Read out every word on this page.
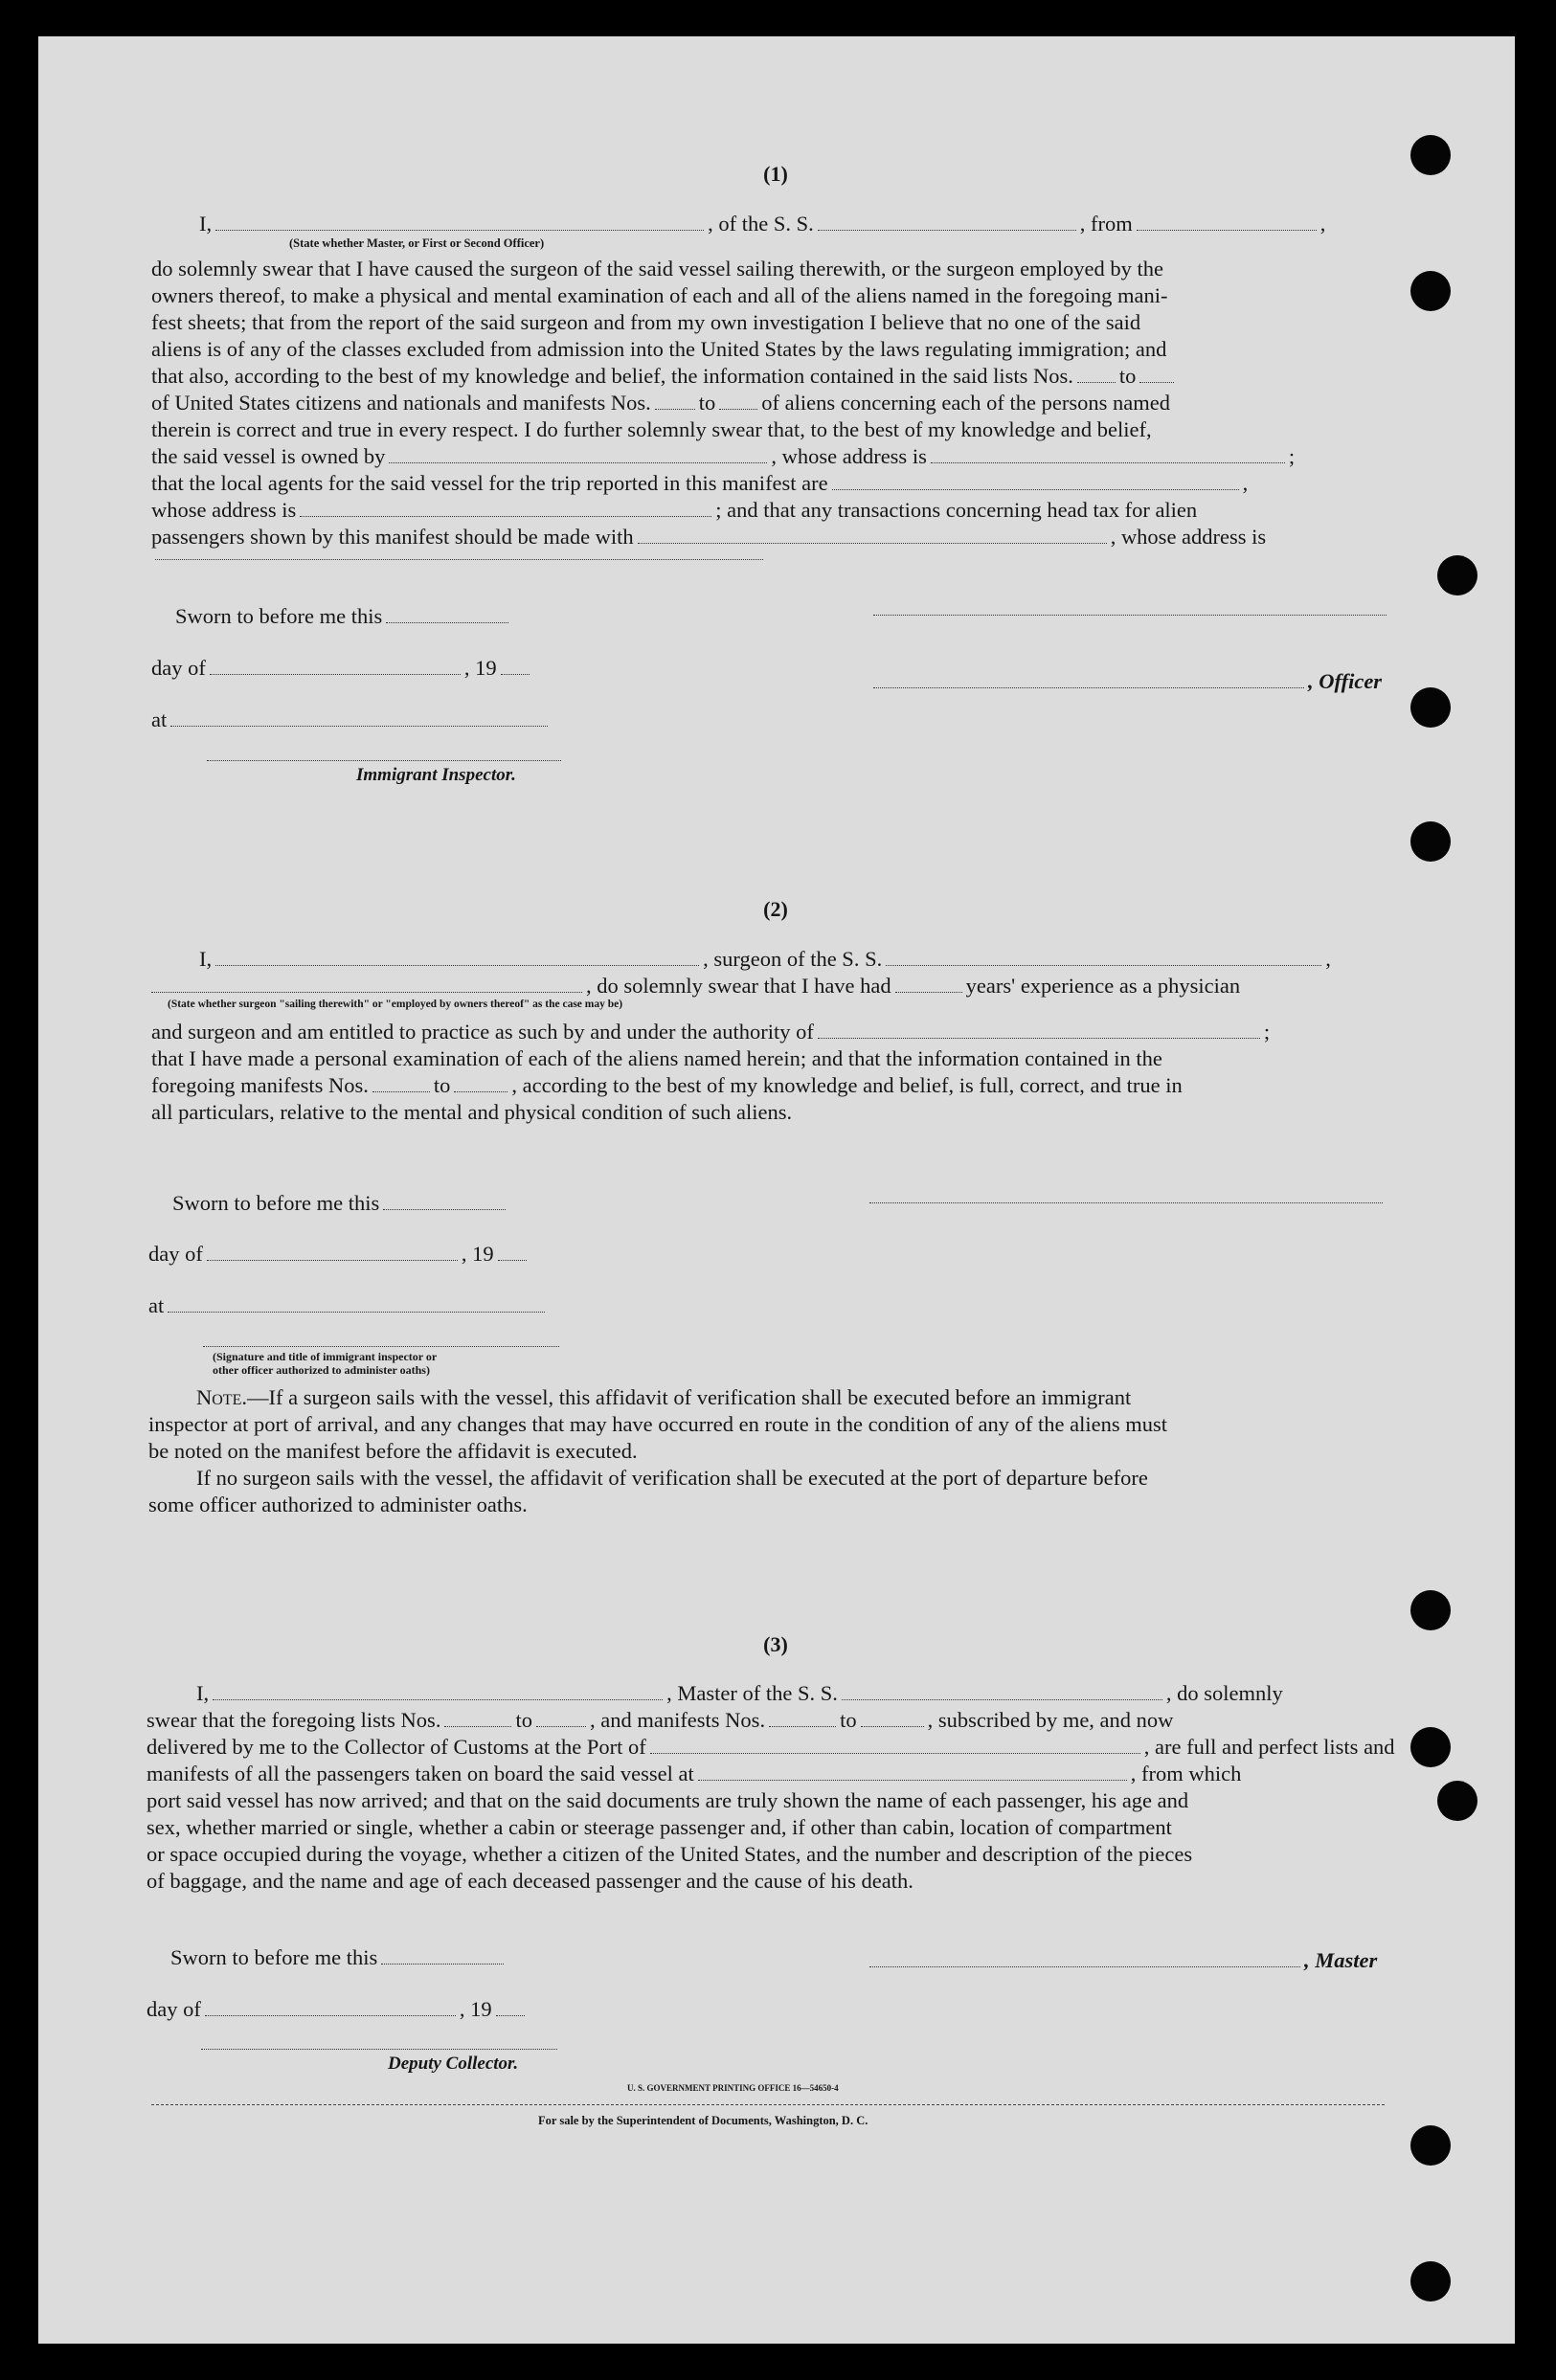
(1)
I,	, of the S. S.	, from	,
(State whether Master, or First or Second Officer)
do solemnly swear that I have caused the surgeon of the said vessel sailing therewith, or the surgeon employed by the
owners thereof, to make a physical and mental examination of each and all of the aliens named in the foregoing mani-
fest sheets; that from the report of the said surgeon and from my own investigation I believe that no one of the said
aliens is of any of the classes excluded from admission into the United States by the laws regulating immigration; and
that also, according to the best of my knowledge and belief, the information contained in the said lists Nos. to
of United States citizens and nationals and manifests Nos. to of aliens concerning each of the persons named
therein is correct and true in every respect. I do further solemnly swear that, to the best of my knowledge and belief,
the said vessel is owned by	, whose address is	;
that the local agents for the said vessel for the trip reported in this manifest are	,
whose address is	; and that any transactions concerning head tax for alien
passengers shown by this manifest should be made with	, whose address is
Sworn to before me this
day of	, 19
, Officer
at
Immigrant Inspector.
(2)
I,	, surgeon of the S. S.	,
, do solemnly swear that I have had	years' experience as a physician
(State whether surgeon "sailing therewith" or "employed by owners thereof" as the case may be)
and surgeon and am entitled to practice as such by and under the authority of	;
that I have made a personal examination of each of the aliens named herein; and that the information contained in the
foregoing manifests Nos.	to	, according to the best of my knowledge and belief, is full, correct, and true in
all particulars, relative to the mental and physical condition of such aliens.
Sworn to before me this
day of	, 19
at
(Signature and title of immigrant inspector or
other officer authorized to administer oaths)
Note.—If a surgeon sails with the vessel, this affidavit of verification shall be executed before an immigrant
inspector at port of arrival, and any changes that may have occurred en route in the condition of any of the aliens must
be noted on the manifest before the affidavit is executed.
If no surgeon sails with the vessel, the affidavit of verification shall be executed at the port of departure before
some officer authorized to administer oaths.
(3)
I,	, Master of the S. S.	, do solemnly
swear that the foregoing lists Nos.	to	, and manifests Nos.	to	, subscribed by me, and now
delivered by me to the Collector of Customs at the Port of	, are full and perfect lists and
manifests of all the passengers taken on board the said vessel at	, from which
port said vessel has now arrived; and that on the said documents are truly shown the name of each passenger, his age and
sex, whether married or single, whether a cabin or steerage passenger and, if other than cabin, location of compartment
or space occupied during the voyage, whether a citizen of the United States, and the number and description of the pieces
of baggage, and the name and age of each deceased passenger and the cause of his death.
Sworn to before me this	, Master
day of	, 19
Deputy Collector.
U. S. GOVERNMENT PRINTING OFFICE 16—54650-4
For sale by the Superintendent of Documents, Washington, D. C.
